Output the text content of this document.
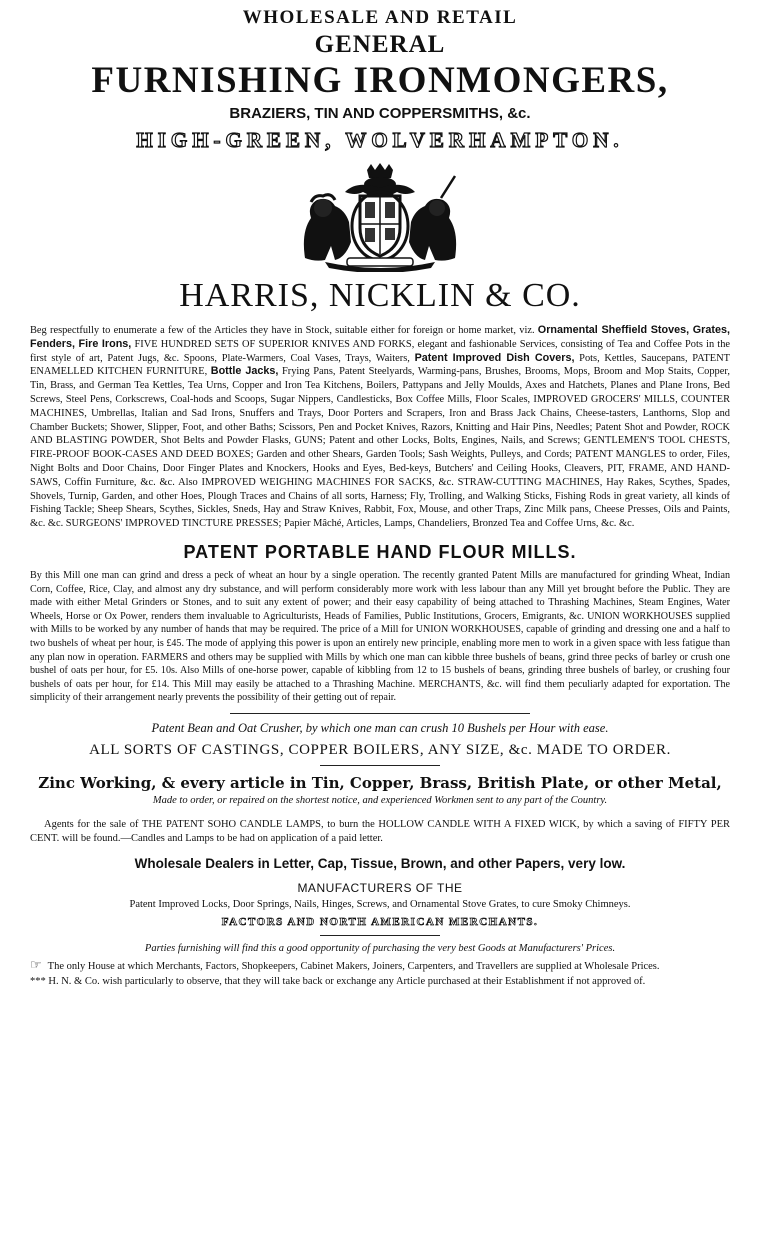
WHOLESALE AND RETAIL

GENERAL

FURNISHING IRONMONGERS,

BRAZIERS, TIN AND COPPERSMITHS, &c.

HIGH-GREEN, WOLVERHAMPTON.

HARRIS, NICKLIN & CO.

Beg respectfully to enumerate a few of the Articles they have in Stock, suitable either for foreign or home market, viz. Ornamental Sheffield Stoves, Grates, Fenders, Fire Irons, FIVE HUNDRED SETS OF SUPERIOR KNIVES AND FORKS, elegant and fashionable Services, consisting of Tea and Coffee Pots in the first style of art, Patent Jugs, &c. Spoons, Plate-Warmers, Coal Vases, Trays, Waiters, Patent Improved Dish Covers, Pots, Kettles, Saucepans, PATENT ENAMELLED KITCHEN FURNITURE, Bottle Jacks, Frying Pans, Patent Steelyards, Warming-pans, Brushes, Brooms, Mops, Broom and Mop Staits, Copper, Tin, Brass, and German Tea Kettles, Tea Urns, Copper and Iron Tea Kitchens, Boilers, Pattypans and Jelly Moulds, Axes and Hatchets, Planes and Plane Irons, Bed Screws, Steel Pens, Corkscrews, Coal-hods and Scoops, Sugar Nippers, Candlesticks, Box Coffee Mills, Floor Scales, IMPROVED GROCERS' MILLS, COUNTER MACHINES, Umbrellas, Italian and Sad Irons, Snuffers and Trays, Door Porters and Scrapers, Iron and Brass Jack Chains, Cheese-tasters, Lanthorns, Slop and Chamber Buckets; Shower, Slipper, Foot, and other Baths; Scissors, Pen and Pocket Knives, Razors, Knitting and Hair Pins, Needles; Patent Shot and Powder, ROCK AND BLASTING POWDER, Shot Belts and Powder Flasks, GUNS; Patent and other Locks, Bolts, Engines, Nails, and Screws; GENTLEMEN'S TOOL CHESTS, FIRE-PROOF BOOK-CASES AND DEED BOXES; Garden and other Shears, Garden Tools; Sash Weights, Pulleys, and Cords; PATENT MANGLES to order, Files, Night Bolts and Door Chains, Door Finger Plates and Knockers, Hooks and Eyes, Bed-keys, Butchers' and Ceiling Hooks, Cleavers, PIT, FRAME, AND HAND-SAWS, Coffin Furniture, &c. &c. Also IMPROVED WEIGHING MACHINES FOR SACKS, &c. STRAW-CUTTING MACHINES, Hay Rakes, Scythes, Spades, Shovels, Turnip, Garden, and other Hoes, Plough Traces and Chains of all sorts, Harness; Fly, Trolling, and Walking Sticks, Fishing Rods in great variety, all kinds of Fishing Tackle; Sheep Shears, Scythes, Sickles, Sneds, Hay and Straw Knives, Rabbit, Fox, Mouse, and other Traps, Zinc Milk pans, Cheese Presses, Oils and Paints, &c. &c. SURGEONS' IMPROVED TINCTURE PRESSES; Papier Mâché, Articles, Lamps, Chandeliers, Bronzed Tea and Coffee Urns, &c. &c.

PATENT PORTABLE HAND FLOUR MILLS.

By this Mill one man can grind and dress a peck of wheat an hour by a single operation. The recently granted Patent Mills are manufactured for grinding Wheat, Indian Corn, Coffee, Rice, Clay, and almost any dry substance, and will perform considerably more work with less labour than any Mill yet brought before the Public. They are made with either Metal Grinders or Stones, and to suit any extent of power; and their easy capability of being attached to Thrashing Machines, Steam Engines, Water Wheels, Horse or Ox Power, renders them invaluable to Agriculturists, Heads of Families, Public Institutions, Grocers, Emigrants, &c. UNION WORKHOUSES supplied with Mills to be worked by any number of hands that may be required. The price of a Mill for UNION WORKHOUSES, capable of grinding and dressing one and a half to two bushels of wheat per hour, is £45. The mode of applying this power is upon an entirely new principle, enabling more men to work in a given space with less fatigue than any plan now in operation. FARMERS and others may be supplied with Mills by which one man can kibble three bushels of beans, grind three pecks of barley or crush one bushel of oats per hour, for £5. 10s. Also Mills of one-horse power, capable of kibbling from 12 to 15 bushels of beans, grinding three bushels of barley, or crushing four bushels of oats per hour, for £14. This Mill may easily be attached to a Thrashing Machine. MERCHANTS, &c. will find them peculiarly adapted for exportation. The simplicity of their arrangement nearly prevents the possibility of their getting out of repair.

Patent Bean and Oat Crusher, by which one man can crush 10 Bushels per Hour with ease.

ALL SORTS OF CASTINGS, COPPER BOILERS, ANY SIZE, &c. MADE TO ORDER.

Zinc Working, & every article in Tin, Copper, Brass, British Plate, or other Metal,

Made to order, or repaired on the shortest notice, and experienced Workmen sent to any part of the Country.

Agents for the sale of THE PATENT SOHO CANDLE LAMPS, to burn the HOLLOW CANDLE WITH A FIXED WICK, by which a saving of FIFTY PER CENT. will be found.—Candles and Lamps to be had on application of a paid letter.

Wholesale Dealers in Letter, Cap, Tissue, Brown, and other Papers, very low.

MANUFACTURERS OF THE

Patent Improved Locks, Door Springs, Nails, Hinges, Screws, and Ornamental Stove Grates, to cure Smoky Chimneys.

FACTORS AND NORTH AMERICAN MERCHANTS.

Parties furnishing will find this a good opportunity of purchasing the very best Goods at Manufacturers' Prices.

☞ The only House at which Merchants, Factors, Shopkeepers, Cabinet Makers, Joiners, Carpenters, and Travellers are supplied at Wholesale Prices.

*** H. N. & Co. wish particularly to observe, that they will take back or exchange any Article purchased at their Establishment if not approved of.
